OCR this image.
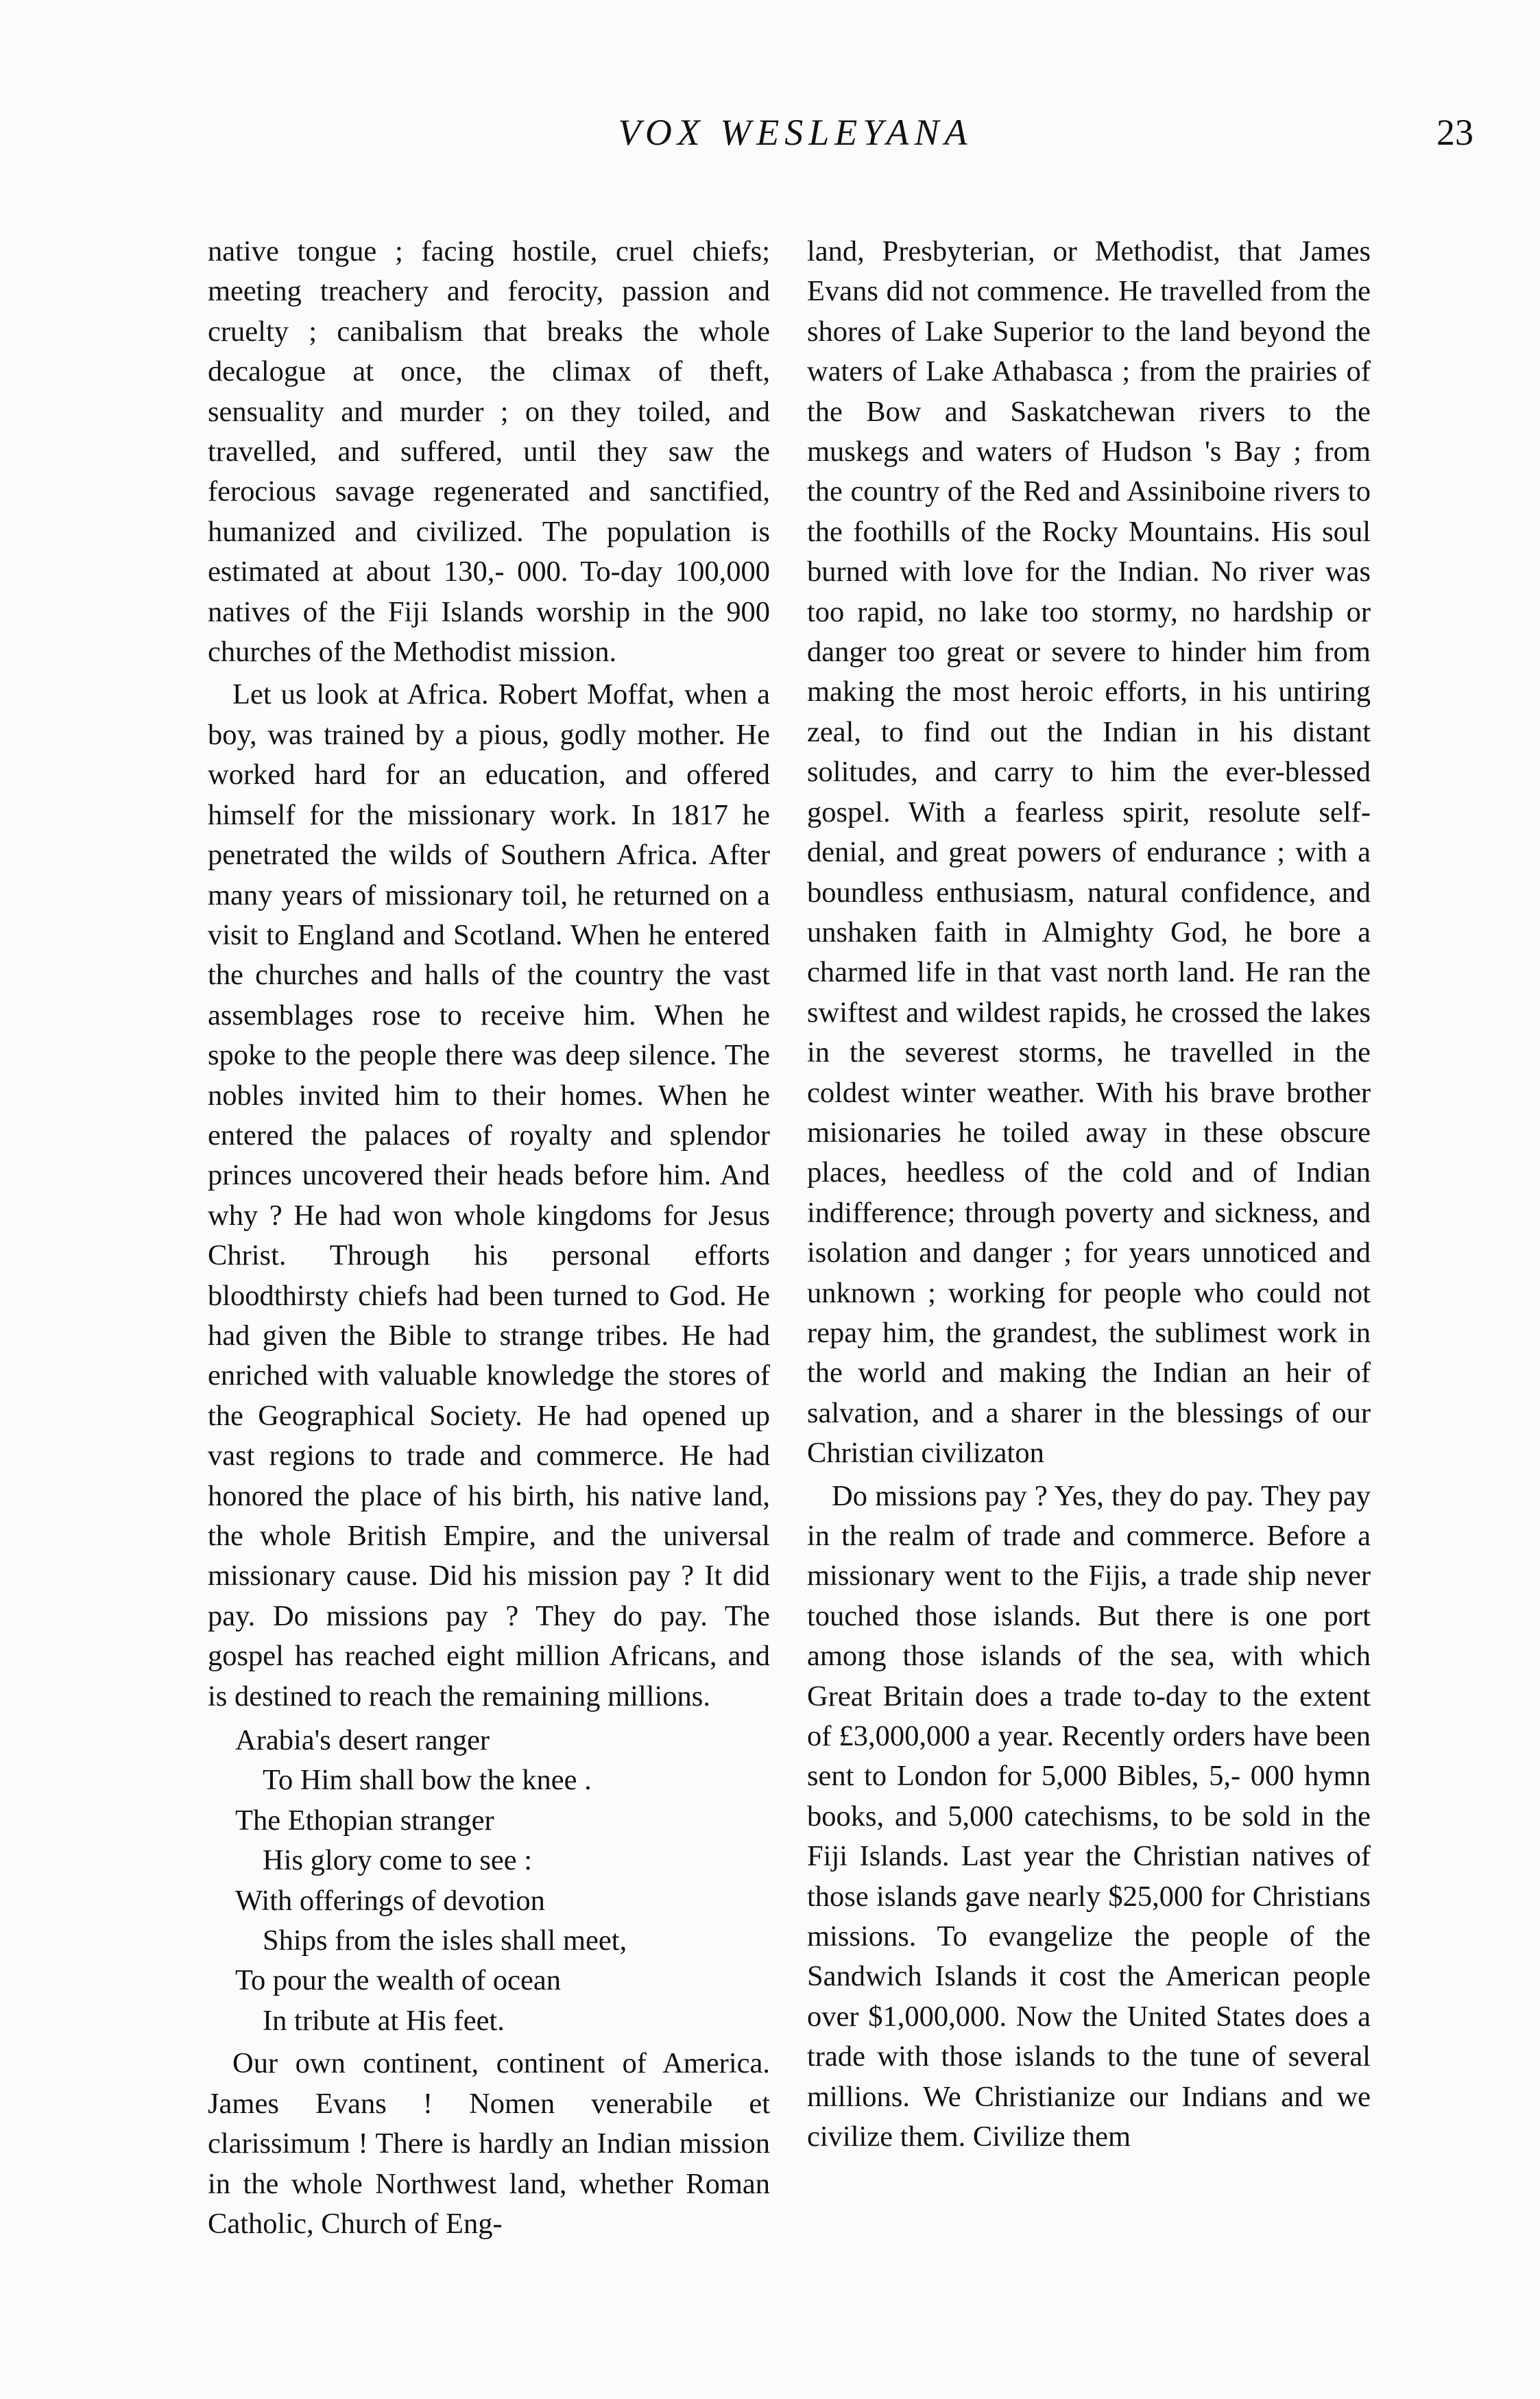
VOX WESLEYANA	23

native tongue ; facing hostile, cruel chiefs; meeting treachery and ferocity, passion and cruelty ; canibalism that breaks the whole decalogue at once, the climax of theft, sensuality and murder ; on they toiled, and travelled, and suffered, until they saw the ferocious savage regenerated and sanctified, humanized and civilized. The population is estimated at about 130,- 000. To-day 100,000 natives of the Fiji Islands worship in the 900 churches of the Methodist mission.

Let us look at Africa. Robert Moffat, when a boy, was trained by a pious, godly mother. He worked hard for an education, and offered himself for the missionary work. In 1817 he penetrated the wilds of Southern Africa. After many years of missionary toil, he returned on a visit to England and Scotland. When he entered the churches and halls of the country the vast assemblages rose to receive him. When he spoke to the people there was deep silence. The nobles invited him to their homes. When he entered the palaces of royalty and splendor princes uncovered their heads before him. And why ? He had won whole kingdoms for Jesus Christ. Through his personal efforts bloodthirsty chiefs had been turned to God. He had given the Bible to strange tribes. He had enriched with valuable knowledge the stores of the Geographical Society. He had opened up vast regions to trade and commerce. He had honored the place of his birth, his native land, the whole British Empire, and the universal missionary cause. Did his mission pay ? It did pay. Do missions pay ? They do pay. The gospel has reached eight million Africans, and is destined to reach the remaining millions.

Arabia's desert ranger
To Him shall bow the knee .
The Ethopian stranger
His glory come to see :
With offerings of devotion
Ships from the isles shall meet,
To pour the wealth of ocean
In tribute at His feet.

Our own continent, continent of America. James Evans ! Nomen venerabile et clarissimum ! There is hardly an Indian mission in the whole Northwest land, whether Roman Catholic, Church of Eng-

land, Presbyterian, or Methodist, that James Evans did not commence. He travelled from the shores of Lake Superior to the land beyond the waters of Lake Athabasca ; from the prairies of the Bow and Saskatchewan rivers to the muskegs and waters of Hudson 's Bay ; from the country of the Red and Assiniboine rivers to the foothills of the Rocky Mountains. His soul burned with love for the Indian. No river was too rapid, no lake too stormy, no hardship or danger too great or severe to hinder him from making the most heroic efforts, in his untiring zeal, to find out the Indian in his distant solitudes, and carry to him the ever-blessed gospel. With a fearless spirit, resolute self-denial, and great powers of endurance ; with a boundless enthusiasm, natural confidence, and unshaken faith in Almighty God, he bore a charmed life in that vast north land. He ran the swiftest and wildest rapids, he crossed the lakes in the severest storms, he travelled in the coldest winter weather. With his brave brother misionaries he toiled away in these obscure places, heedless of the cold and of Indian indifference; through poverty and sickness, and isolation and danger ; for years unnoticed and unknown ; working for people who could not repay him, the grandest, the sublimest work in the world and making the Indian an heir of salvation, and a sharer in the blessings of our Christian civilizaton

Do missions pay ? Yes, they do pay. They pay in the realm of trade and commerce. Before a missionary went to the Fijis, a trade ship never touched those islands. But there is one port among those islands of the sea, with which Great Britain does a trade to-day to the extent of £3,000,000 a year. Recently orders have been sent to London for 5,000 Bibles, 5,- 000 hymn books, and 5,000 catechisms, to be sold in the Fiji Islands. Last year the Christian natives of those islands gave nearly $25,000 for Christians missions. To evangelize the people of the Sandwich Islands it cost the American people over $1,000,000. Now the United States does a trade with those islands to the tune of several millions. We Christianize our Indians and we civilize them. Civilize them
